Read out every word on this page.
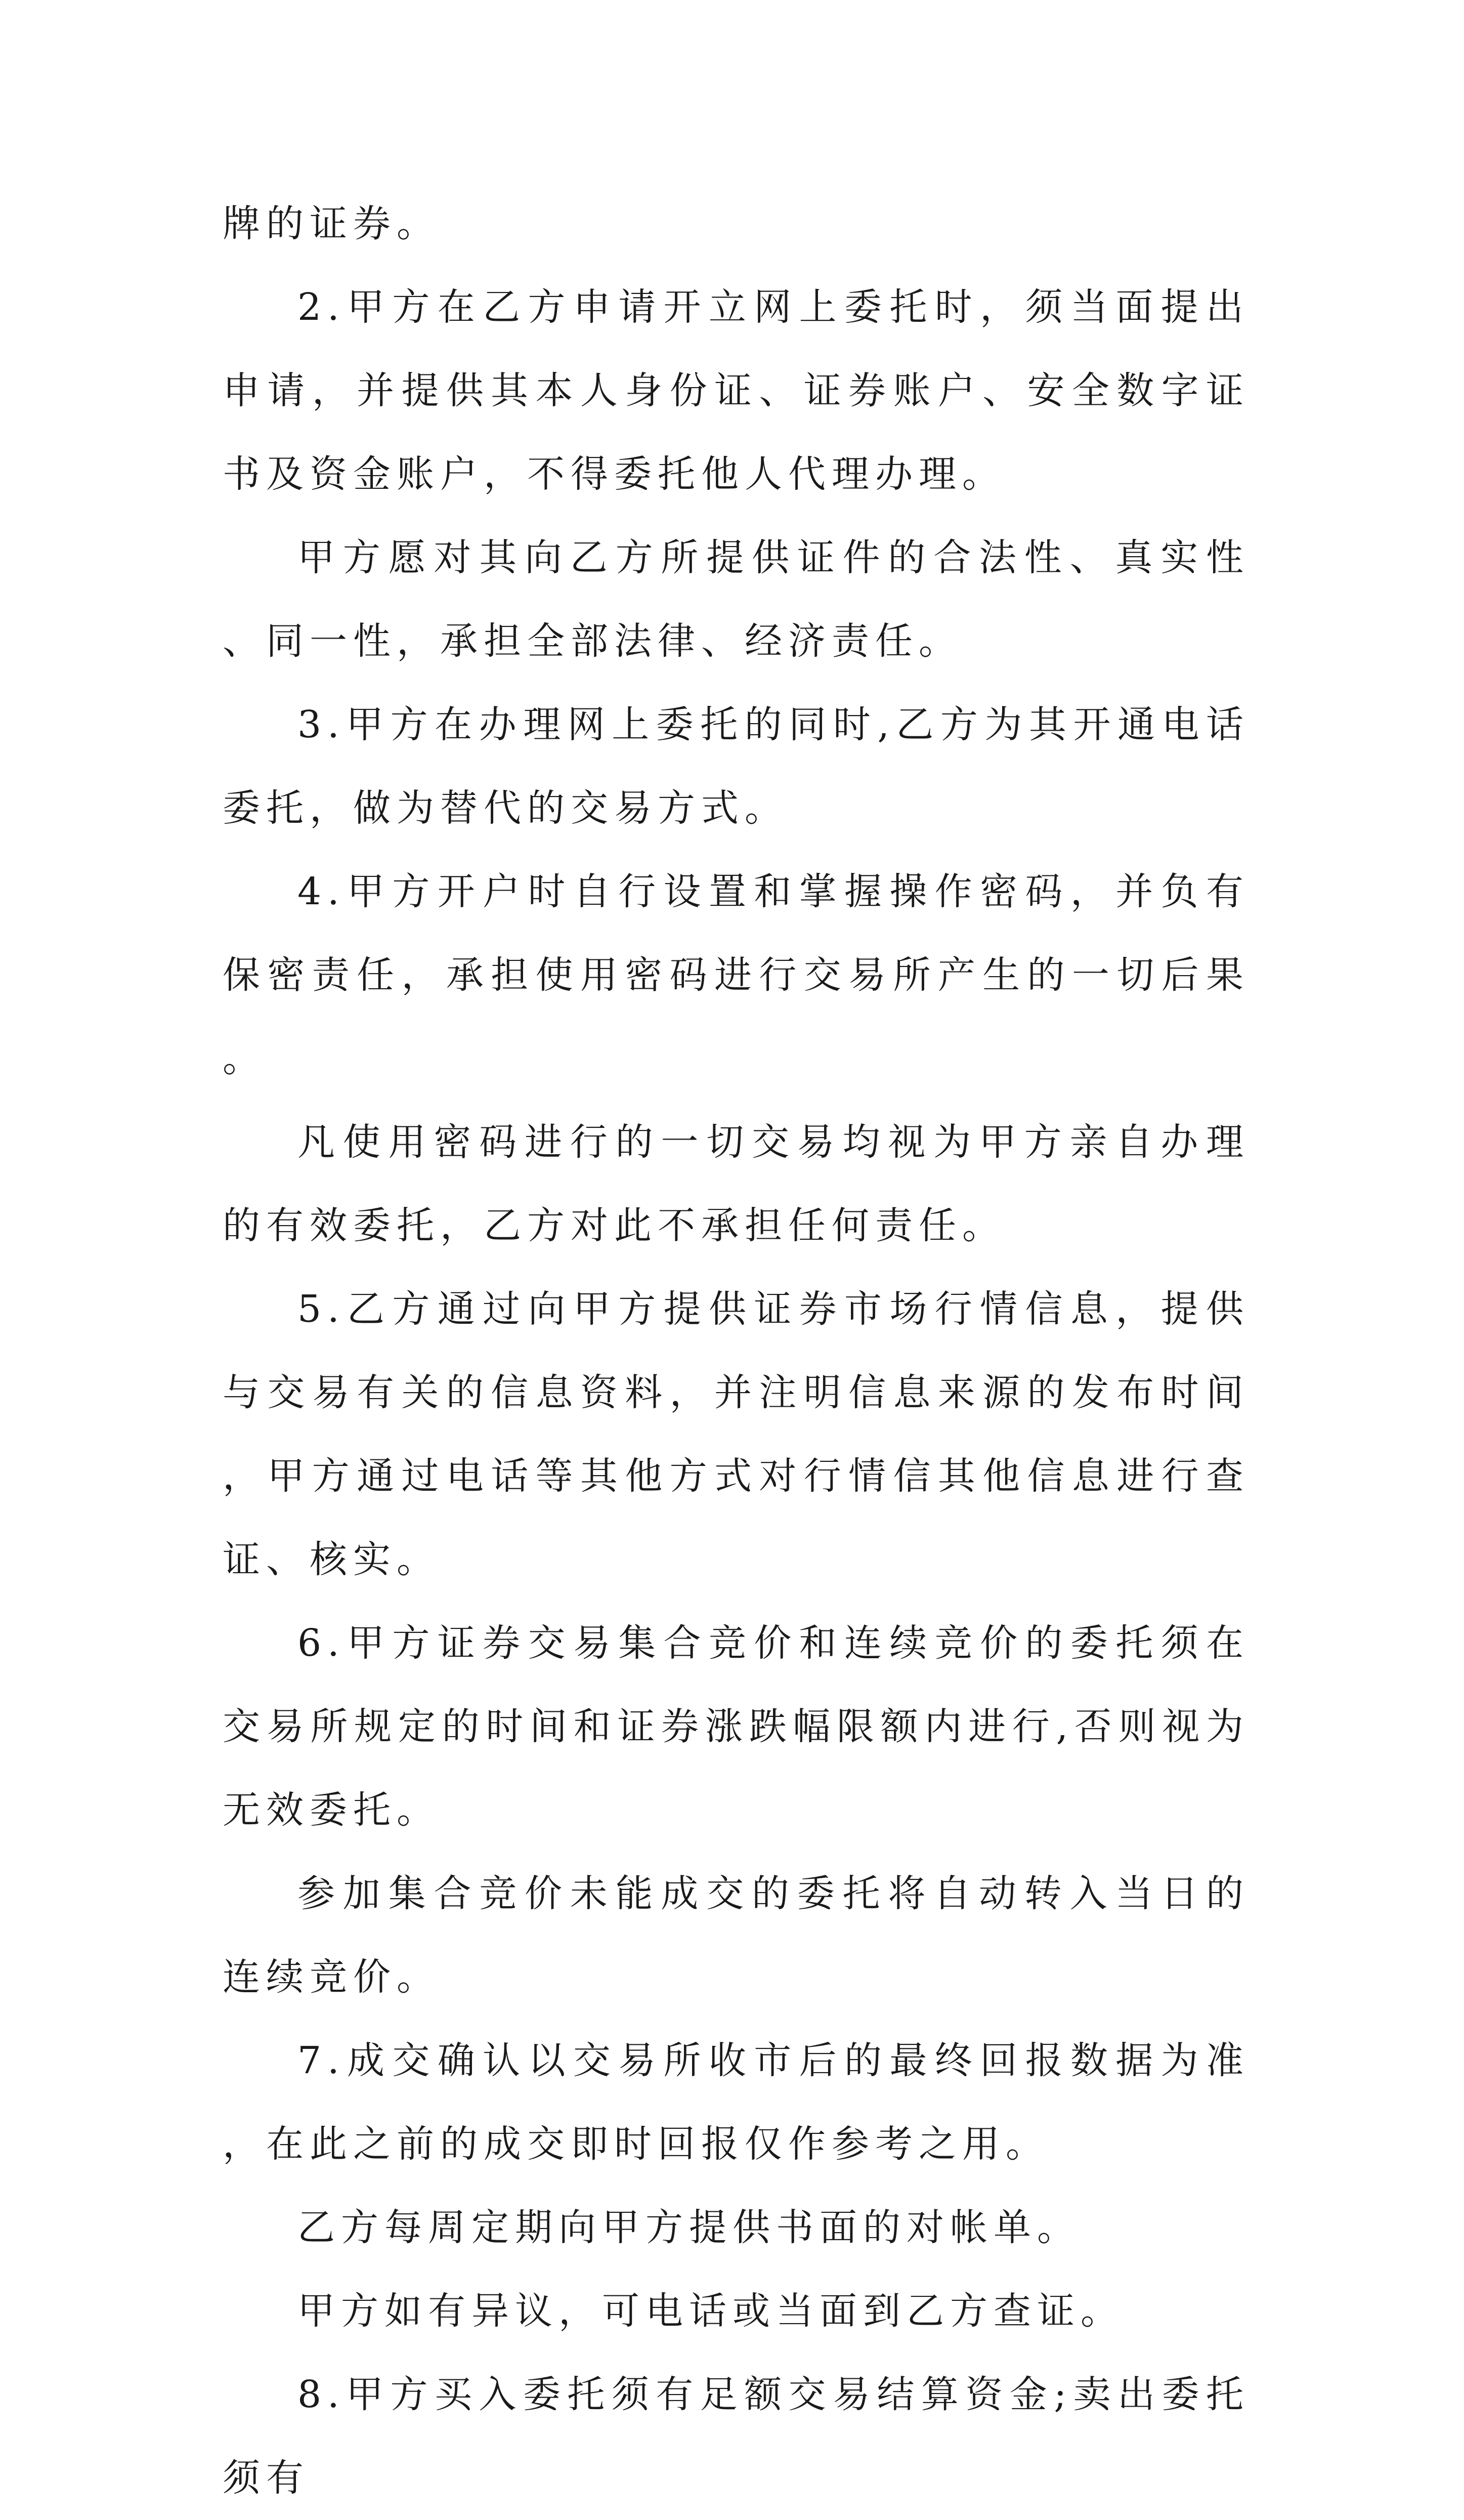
牌的证券。

2.甲方在乙方申请开立网上委托时，须当面提出申请，并提供其本人身份证、证券账户、安全数字证书及资金账户，不得委托他人代理办理。

甲方愿对其向乙方所提供证件的合法性、真实性、同一性，承担全部法律、经济责任。

3.甲方在办理网上委托的同时,乙方为其开通电话委托，做为替代的交易方式。

4.甲方开户时自行设置和掌握操作密码，并负有保密责任，承担使用密码进行交易所产生的一切后果。

凡使用密码进行的一切交易均视为甲方亲自办理的有效委托，乙方对此不承担任何责任。

5.乙方通过向甲方提供证券市场行情信息，提供与交易有关的信息资料，并注明信息来源的发布时间，甲方通过电话等其他方式对行情信其他信息进行查证、核实。

6.甲方证券交易集合竞价和连续竞价的委托须在交易所规定的时间和证券涨跌幅限额内进行,否则视为无效委托。

参加集合竞价未能成交的委托将自动转入当日的连续竞价。

7.成交确认以交易所收市后的最终回报数据为准，在此之前的成交即时回报仅作参考之用。

乙方每周定期向甲方提供书面的对帐单。

甲方如有异议，可电话或当面到乙方查证。

8.甲方买入委托须有足额交易结算资金;卖出委托须有
